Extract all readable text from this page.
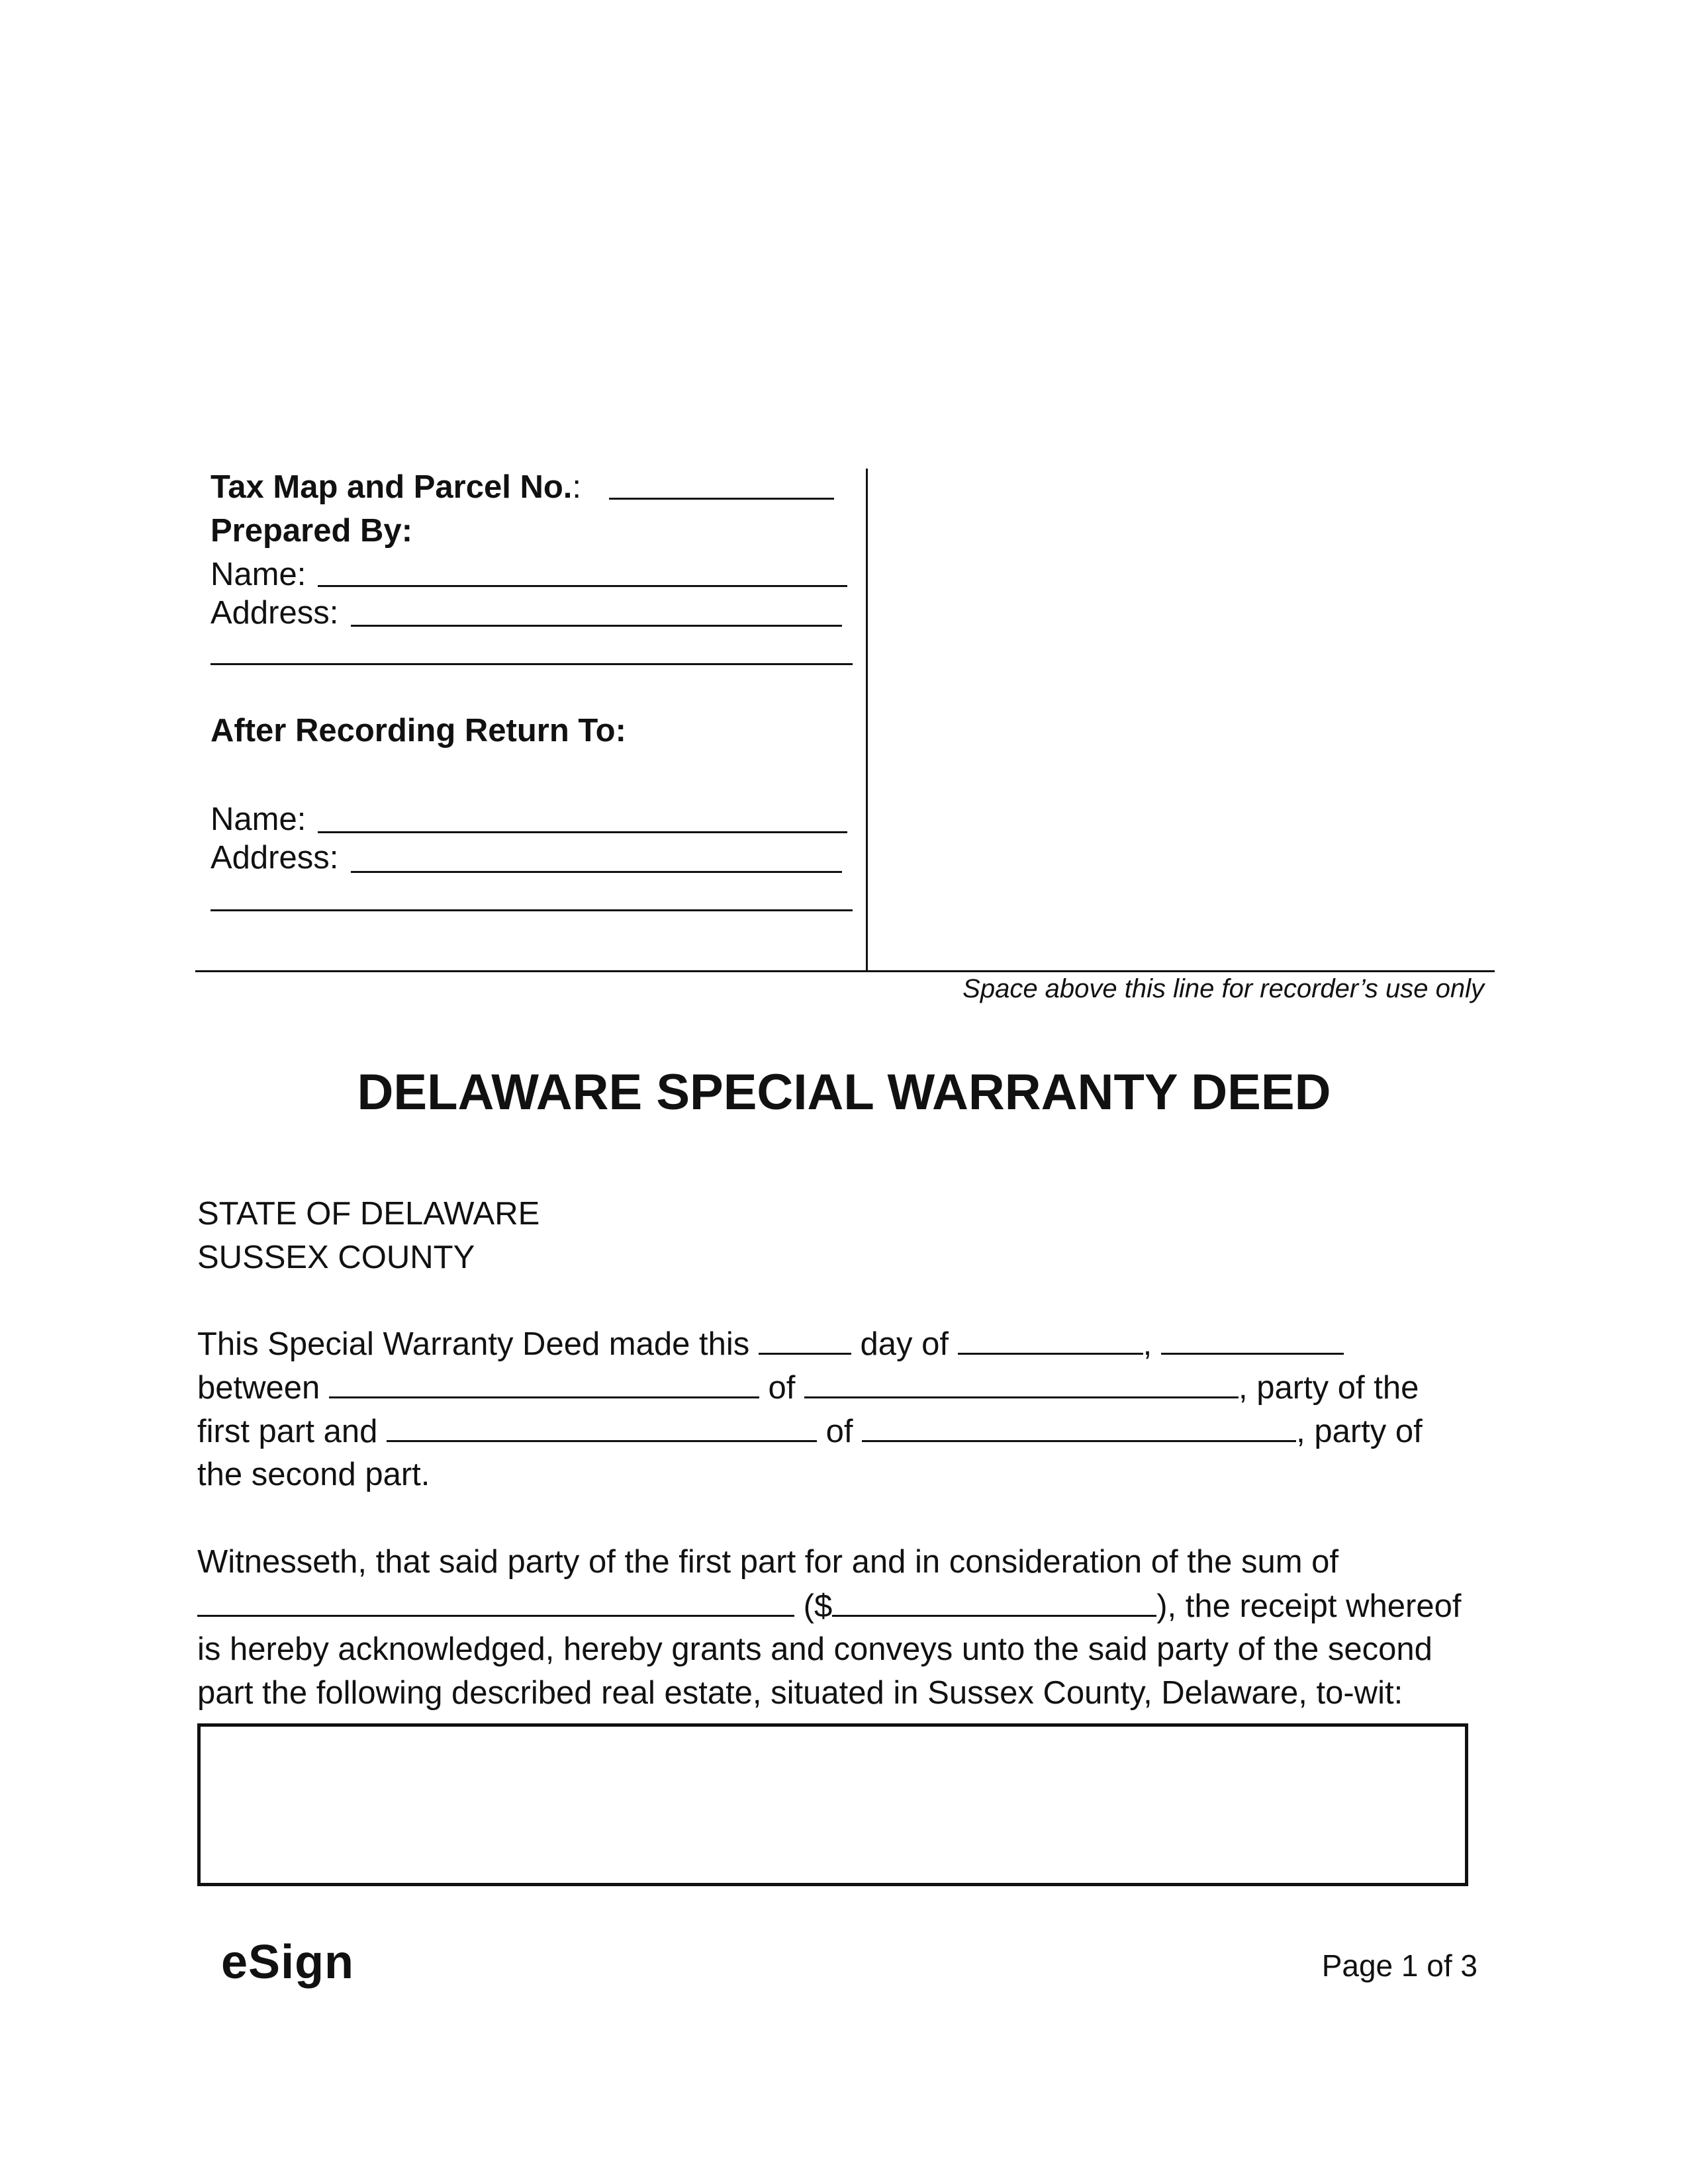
Tax Map and Parcel No.:
Prepared By:
Name:
Address:
After Recording Return To:
Name:
Address:
Space above this line for recorder’s use only
DELAWARE SPECIAL WARRANTY DEED
STATE OF DELAWARE
SUSSEX COUNTY
This Special Warranty Deed made this	day of	,
between	of	, party of the
first part and	of	, party of
the second part.
Witnesseth, that said party of the first part for and in consideration of the sum of
($	), the receipt whereof
is hereby acknowledged, hereby grants and conveys unto the said party of the second
part the following described real estate, situated in Sussex County, Delaware, to-wit:
eSign	Page 1 of 3
